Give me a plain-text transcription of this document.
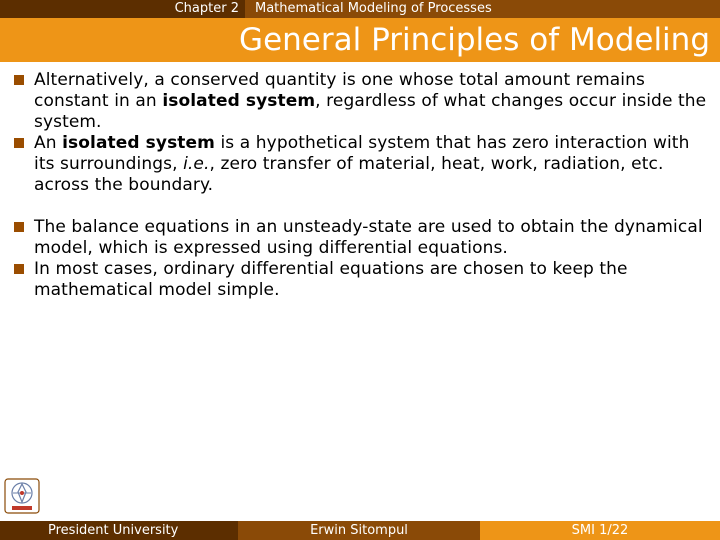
Chapter 2	Mathematical Modeling of Processes
General Principles of Modeling
Alternatively, a conserved quantity is one whose total amount remains constant in an isolated system, regardless of what changes occur inside the system.
An isolated system is a hypothetical system that has zero interaction with its surroundings, i.e., zero transfer of material, heat, work, radiation, etc. across the boundary.
The balance equations in an unsteady-state are used to obtain the dynamical model, which is expressed using differential equations.
In most cases, ordinary differential equations are chosen to keep the mathematical model simple.
President University	Erwin Sitompul	SMI 1/22
